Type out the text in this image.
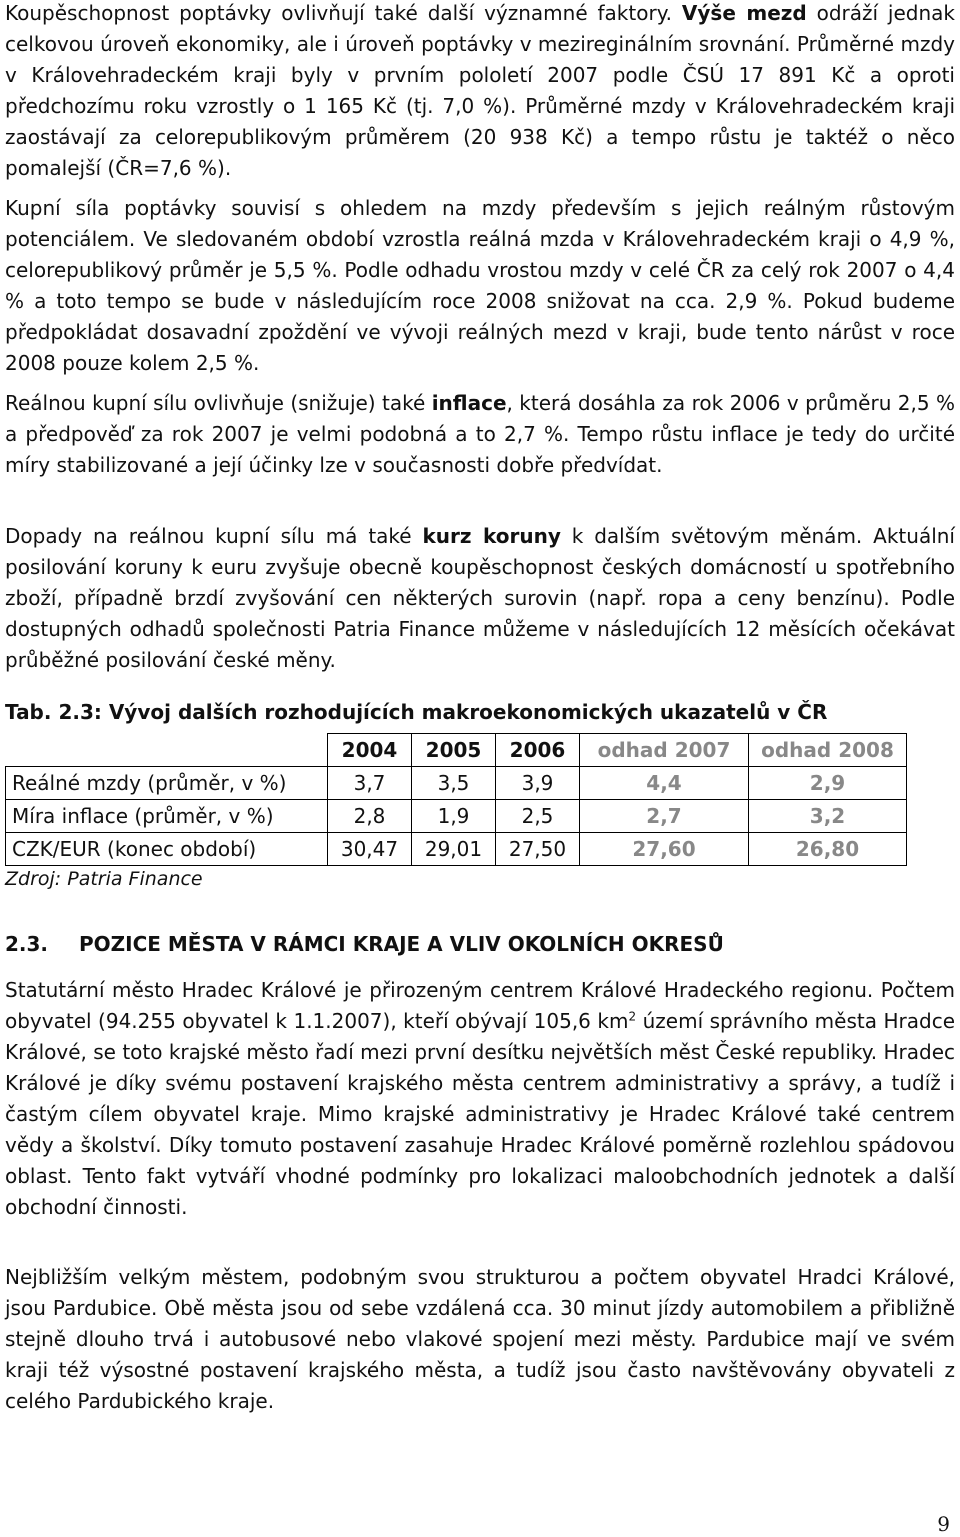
Koupěschopnost poptávky ovlivňují také další významné faktory. Výše mezd odráží jednak celkovou úroveň ekonomiky, ale i úroveň poptávky v mezireginálním srovnání. Průměrné mzdy v Královehradeckém kraji byly v prvním pololetí 2007 podle ČSÚ 17 891 Kč a oproti předchozímu roku vzrostly o 1 165 Kč (tj. 7,0 %). Průměrné mzdy v Královehradeckém kraji zaostávají za celorepublikovým průměrem (20 938 Kč) a tempo růstu je taktéž o něco pomalejší (ČR=7,6 %).

Kupní síla poptávky souvisí s ohledem na mzdy především s jejich reálným růstovým potenciálem. Ve sledovaném období vzrostla reálná mzda v Královehradeckém kraji o 4,9 %, celorepublikový průměr je 5,5 %. Podle odhadu vrostou mzdy v celé ČR za celý rok 2007 o 4,4 % a toto tempo se bude v následujícím roce 2008 snižovat na cca. 2,9 %. Pokud budeme předpokládat dosavadní zpoždění ve vývoji reálných mezd v kraji, bude tento nárůst v roce 2008 pouze kolem 2,5 %.

Reálnou kupní sílu ovlivňuje (snižuje) také inflace, která dosáhla za rok 2006 v průměru 2,5 % a předpověď za rok 2007 je velmi podobná a to 2,7 %. Tempo růstu inflace je tedy do určité míry stabilizované a její účinky lze v současnosti dobře předvídat.

Dopady na reálnou kupní sílu má také kurz koruny k dalším světovým měnám. Aktuální posilování koruny k euru zvyšuje obecně koupěschopnost českých domácností u spotřebního zboží, případně brzdí zvyšování cen některých surovin (např. ropa a ceny benzínu). Podle dostupných odhadů společnosti Patria Finance můžeme v následujících 12 měsících očekávat průběžné posilování české měny.

Tab. 2.3: Vývoj dalších rozhodujících makroekonomických ukazatelů v ČR

	2004	2005	2006	odhad 2007	odhad 2008
Reálné mzdy (průměr, v %)	3,7	3,5	3,9	4,4	2,9
Míra inflace (průměr, v %)	2,8	1,9	2,5	2,7	3,2
CZK/EUR (konec období)	30,47	29,01	27,50	27,60	26,80

Zdroj: Patria Finance

2.3. POZICE MĚSTA V RÁMCI KRAJE A VLIV OKOLNÍCH OKRESŮ

Statutární město Hradec Králové je přirozeným centrem Králové Hradeckého regionu. Počtem obyvatel (94.255 obyvatel k 1.1.2007), kteří obývají 105,6 $km^2$ území správního města Hradce Králové, se toto krajské město řadí mezi první desítku největších měst České republiky. Hradec Králové je díky svému postavení krajského města centrem administrativy a správy, a tudíž i častým cílem obyvatel kraje. Mimo krajské administrativy je Hradec Králové také centrem vědy a školství. Díky tomuto postavení zasahuje Hradec Králové poměrně rozlehlou spádovou oblast. Tento fakt vytváří vhodné podmínky pro lokalizaci maloobchodních jednotek a další obchodní činnosti.

Nejbližším velkým městem, podobným svou strukturou a počtem obyvatel Hradci Králové, jsou Pardubice. Obě města jsou od sebe vzdálená cca. 30 minut jízdy automobilem a přibližně stejně dlouho trvá i autobusové nebo vlakové spojení mezi městy. Pardubice mají ve svém kraji též výsostné postavení krajského města, a tudíž jsou často navštěvovány obyvateli z celého Pardubického kraje.

9
